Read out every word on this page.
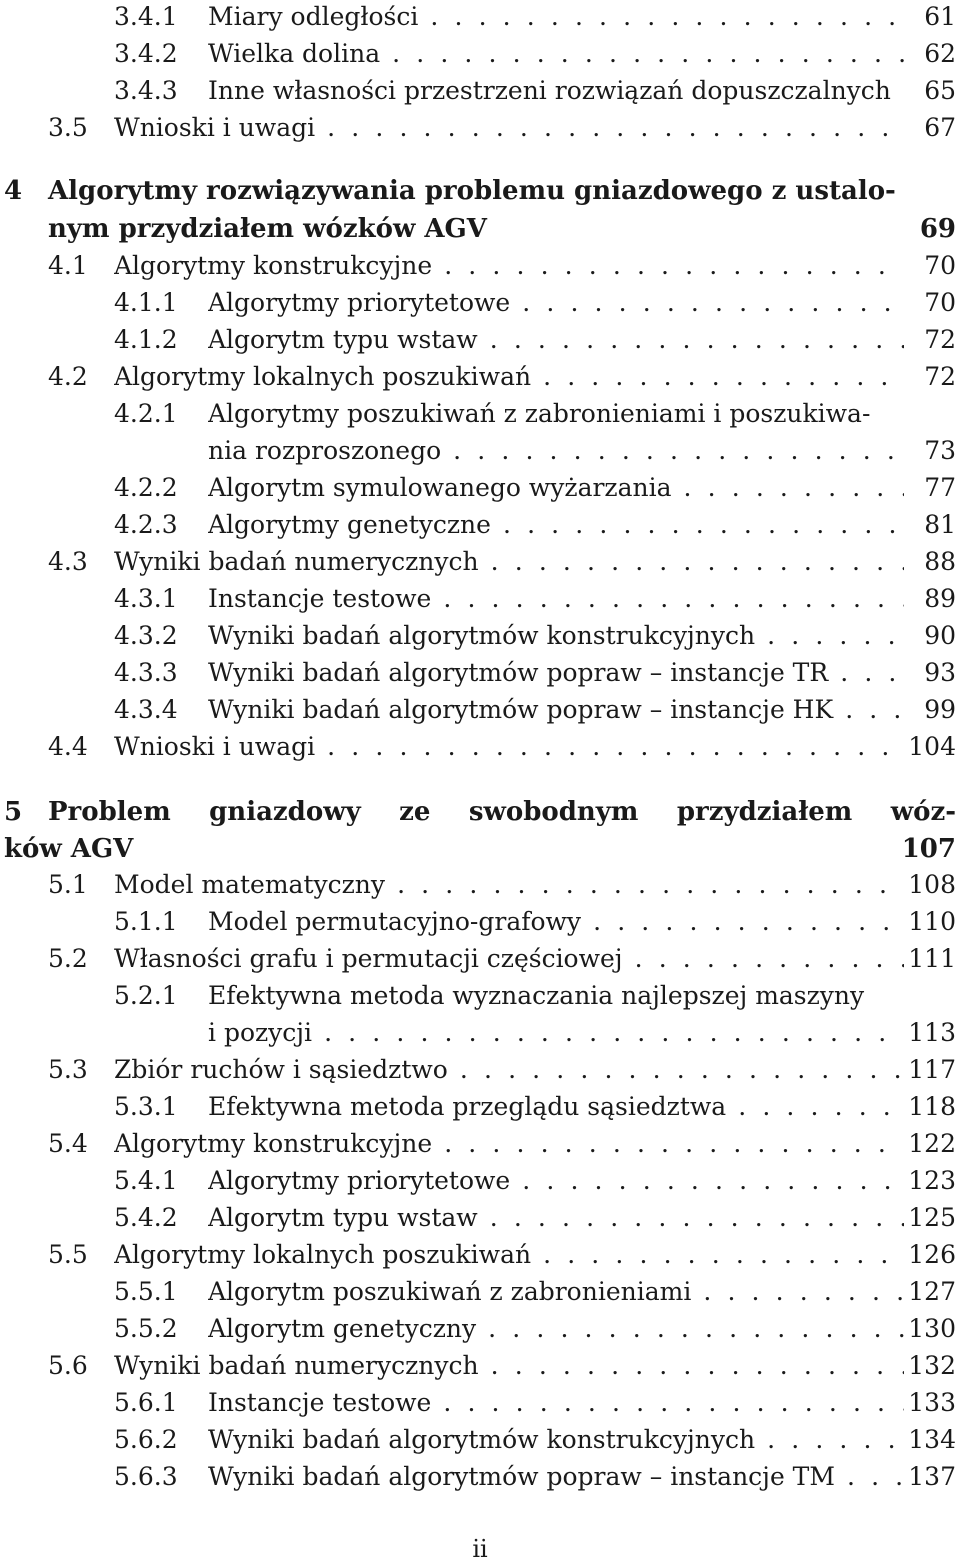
3.4.1 Miary odległości . . .	61
3.4.2 Wielka dolina . . .	62
3.4.3 Inne własności przestrzeni rozwiązań dopuszczalnych	65
3.5 Wnioski i uwagi . . .	67
4 Algorytmy rozwiązywania problemu gniazdowego z ustalo-
nym przydziałem wózków AGV	69
4.1 Algorytmy konstrukcyjne . . .	70
4.1.1 Algorytmy priorytetowe . . .	70
4.1.2 Algorytm typu wstaw . . .	72
4.2 Algorytmy lokalnych poszukiwań . . .	72
4.2.1 Algorytmy poszukiwań z zabronieniami i poszukiwa-
nia rozproszonego . . .	73
4.2.2 Algorytm symulowanego wyżarzania . . .	77
4.2.3 Algorytmy genetyczne . . .	81
4.3 Wyniki badań numerycznych . . .	88
4.3.1 Instancje testowe . . .	89
4.3.2 Wyniki badań algorytmów konstrukcyjnych . . .	90
4.3.3 Wyniki badań algorytmów popraw – instancje TR . . .	93
4.3.4 Wyniki badań algorytmów popraw – instancje HK . . .	99
4.4 Wnioski i uwagi . . .	104
5 Problem gniazdowy ze swobodnym przydziałem wóz-
ków AGV	107
5.1 Model matematyczny . . .	108
5.1.1 Model permutacyjno-grafowy . . .	110
5.2 Własności grafu i permutacji częściowej . . .	111
5.2.1 Efektywna metoda wyznaczania najlepszej maszyny
i pozycji . . .	113
5.3 Zbiór ruchów i sąsiedztwo . . .	117
5.3.1 Efektywna metoda przeglądu sąsiedztwa . . .	118
5.4 Algorytmy konstrukcyjne . . .	122
5.4.1 Algorytmy priorytetowe . . .	123
5.4.2 Algorytm typu wstaw . . .	125
5.5 Algorytmy lokalnych poszukiwań . . .	126
5.5.1 Algorytm poszukiwań z zabronieniami . . .	127
5.5.2 Algorytm genetyczny . . .	130
5.6 Wyniki badań numerycznych . . .	132
5.6.1 Instancje testowe . . .	133
5.6.2 Wyniki badań algorytmów konstrukcyjnych . . .	134
5.6.3 Wyniki badań algorytmów popraw – instancje TM . . .	137
ii
